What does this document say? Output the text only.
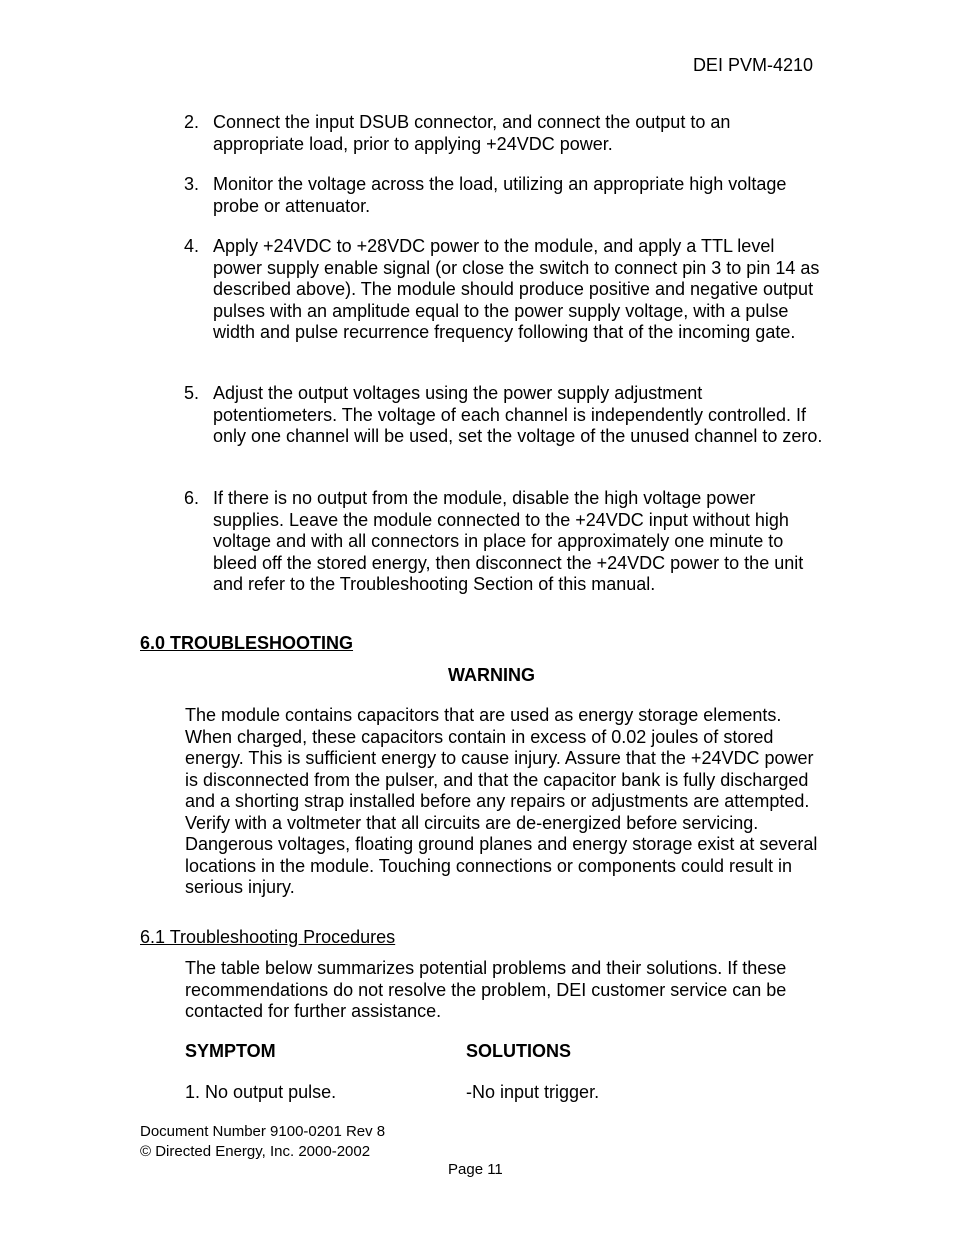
DEI PVM-4210
2. Connect the input DSUB connector, and connect the output to an appropriate load, prior to applying +24VDC power.
3. Monitor the voltage across the load, utilizing an appropriate high voltage probe or attenuator.
4. Apply +24VDC to +28VDC power to the module, and apply a TTL level power supply enable signal (or close the switch to connect pin 3 to pin 14 as described above). The module should produce positive and negative output pulses with an amplitude equal to the power supply voltage, with a pulse width and pulse recurrence frequency following that of the incoming gate.
5. Adjust the output voltages using the power supply adjustment potentiometers. The voltage of each channel is independently controlled. If only one channel will be used, set the voltage of the unused channel to zero.
6. If there is no output from the module, disable the high voltage power supplies. Leave the module connected to the +24VDC input without high voltage and with all connectors in place for approximately one minute to bleed off the stored energy, then disconnect the +24VDC power to the unit and refer to the Troubleshooting Section of this manual.
6.0 TROUBLESHOOTING
WARNING
The module contains capacitors that are used as energy storage elements. When charged, these capacitors contain in excess of 0.02 joules of stored energy. This is sufficient energy to cause injury. Assure that the +24VDC power is disconnected from the pulser, and that the capacitor bank is fully discharged and a shorting strap installed before any repairs or adjustments are attempted. Verify with a voltmeter that all circuits are de-energized before servicing. Dangerous voltages, floating ground planes and energy storage exist at several locations in the module. Touching connections or components could result in serious injury.
6.1 Troubleshooting Procedures
The table below summarizes potential problems and their solutions. If these recommendations do not resolve the problem, DEI customer service can be contacted for further assistance.
SYMPTOM	SOLUTIONS
1. No output pulse.	-No input trigger.
Document Number 9100-0201 Rev 8
© Directed Energy, Inc. 2000-2002
Page 11
